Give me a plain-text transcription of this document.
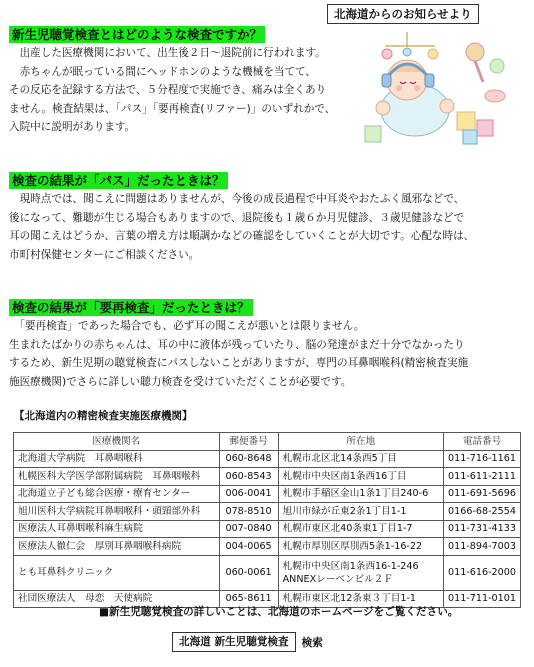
北海道からのお知らせより
新生児聴覚検査とはどのような検査ですか？
　出産した医療機関において、出生後２日～退院前に行われます。
　赤ちゃんが眠っている間にヘッドホンのような機械を当てて、
その反応を記録する方法で、５分程度で実施でき、痛みは全くあり
ません。検査結果は、「パス」「要再検査(リファー)」のいずれかで、
入院中に説明があります。
検査の結果が「パス」だったときは？
　現時点では、聞こえに問題はありませんが、今後の成長過程で中耳炎やおたふく風邪などで、
後になって、難聴が生じる場合もありますので、退院後も１歳６か月児健診、３歳児健診などで
耳の聞こえはどうか、言葉の増え方は順調かなどの確認をしていくことが大切です。心配な時は、
市町村保健センターにご相談ください。
検査の結果が「要再検査」だったときは？
　「要再検査」であった場合でも、必ず耳の聞こえが悪いとは限りません。
生まれたばかりの赤ちゃんは、耳の中に液体が残っていたり、脳の発達がまだ十分でなかったり
するため、新生児期の聴覚検査にパスしないことがありますが、専門の耳鼻咽喉科(精密検査実施
施医療機関)でさらに詳しい聴力検査を受けていただくことが必要です。
【北海道内の精密検査実施医療機関】
医療機関名	郵便番号	所在地	電話番号
北海道大学病院　耳鼻咽喉科	060-8648	札幌市北区北14条西5丁目	011-716-1161
札幌医科大学医学部附属病院　耳鼻咽喉科	060-8543	札幌市中央区南1条西16丁目	011-611-2111
北海道立子ども総合医療・療育センター	006-0041	札幌市手稲区金山1条1丁目240-6	011-691-5696
旭川医科大学病院耳鼻咽喉科・頭頸部外科	078-8510	旭川市緑が丘東2条1丁目1-1	0166-68-2554
医療法人耳鼻咽喉科麻生病院	007-0840	札幌市東区北40条東1丁目1-7	011-731-4133
医療法人徹仁会　厚別耳鼻咽喉科病院	004-0065	札幌市厚別区厚別西5条1-16-22	011-894-7003
とも耳鼻科クリニック	060-0061	札幌市中央区南1条西16-1-246
ANNEXレーベンビル２Ｆ	011-616-2000
社団医療法人　母恋　天使病院	065-8611	札幌市東区北12条東３丁目1-1	011-711-0101
■新生児聴覚検査の詳しいことは、北海道のホームページをご覧ください。
北海道 新生児聴覚検査	検索
